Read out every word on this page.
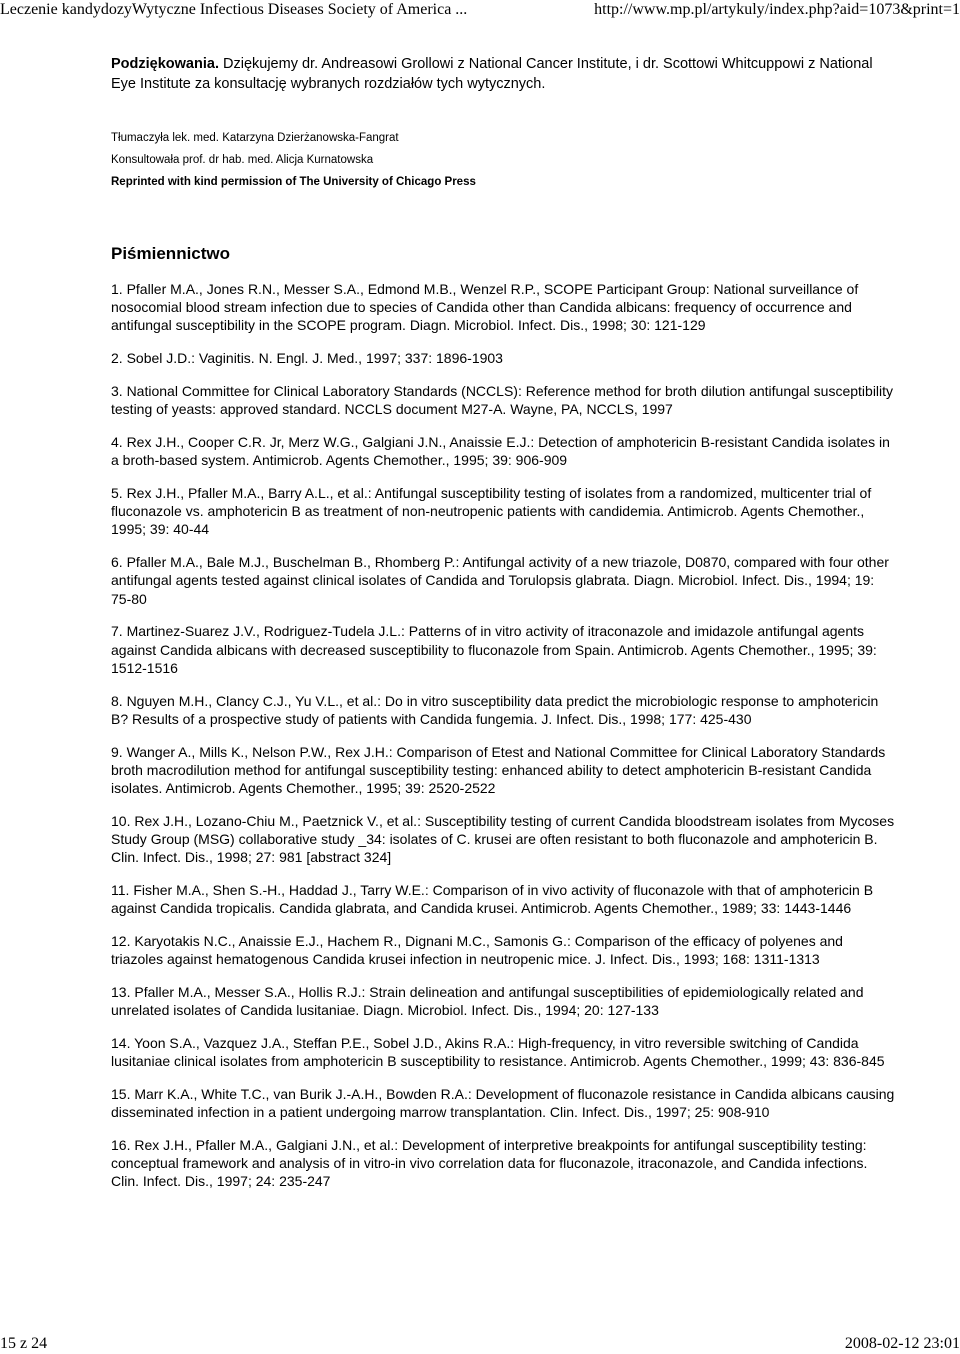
Leczenie kandydozyWytyczne Infectious Diseases Society of America ...	http://www.mp.pl/artykuly/index.php?aid=1073&print=1

Podziękowania. Dziękujemy dr. Andreasowi Grollowi z National Cancer Institute, i dr. Scottowi Whitcuppowi z National Eye Institute za konsultację wybranych rozdziałów tych wytycznych.

Tłumaczyła lek. med. Katarzyna Dzierżanowska-Fangrat
Konsultowała prof. dr hab. med. Alicja Kurnatowska
Reprinted with kind permission of The University of Chicago Press
Piśmiennictwo

1. Pfaller M.A., Jones R.N., Messer S.A., Edmond M.B., Wenzel R.P., SCOPE Participant Group: National surveillance of nosocomial blood stream infection due to species of Candida other than Candida albicans: frequency of occurrence and antifungal susceptibility in the SCOPE program. Diagn. Microbiol. Infect. Dis., 1998; 30: 121-129

2. Sobel J.D.: Vaginitis. N. Engl. J. Med., 1997; 337: 1896-1903

3. National Committee for Clinical Laboratory Standards (NCCLS): Reference method for broth dilution antifungal susceptibility testing of yeasts: approved standard. NCCLS document M27-A. Wayne, PA, NCCLS, 1997

4. Rex J.H., Cooper C.R. Jr, Merz W.G., Galgiani J.N., Anaissie E.J.: Detection of amphotericin B-resistant Candida isolates in a broth-based system. Antimicrob. Agents Chemother., 1995; 39: 906-909

5. Rex J.H., Pfaller M.A., Barry A.L., et al.: Antifungal susceptibility testing of isolates from a randomized, multicenter trial of fluconazole vs. amphotericin B as treatment of non-neutropenic patients with candidemia. Antimicrob. Agents Chemother., 1995; 39: 40-44

6. Pfaller M.A., Bale M.J., Buschelman B., Rhomberg P.: Antifungal activity of a new triazole, D0870, compared with four other antifungal agents tested against clinical isolates of Candida and Torulopsis glabrata. Diagn. Microbiol. Infect. Dis., 1994; 19: 75-80

7. Martinez-Suarez J.V., Rodriguez-Tudela J.L.: Patterns of in vitro activity of itraconazole and imidazole antifungal agents against Candida albicans with decreased susceptibility to fluconazole from Spain. Antimicrob. Agents Chemother., 1995; 39: 1512-1516

8. Nguyen M.H., Clancy C.J., Yu V.L., et al.: Do in vitro susceptibility data predict the microbiologic response to amphotericin B? Results of a prospective study of patients with Candida fungemia. J. Infect. Dis., 1998; 177: 425-430

9. Wanger A., Mills K., Nelson P.W., Rex J.H.: Comparison of Etest and National Committee for Clinical Laboratory Standards broth macrodilution method for antifungal susceptibility testing: enhanced ability to detect amphotericin B-resistant Candida isolates. Antimicrob. Agents Chemother., 1995; 39: 2520-2522

10. Rex J.H., Lozano-Chiu M., Paetznick V., et al.: Susceptibility testing of current Candida bloodstream isolates from Mycoses Study Group (MSG) collaborative study _34: isolates of C. krusei are often resistant to both fluconazole and amphotericin B. Clin. Infect. Dis., 1998; 27: 981 [abstract 324]

11. Fisher M.A., Shen S.-H., Haddad J., Tarry W.E.: Comparison of in vivo activity of fluconazole with that of amphotericin B against Candida tropicalis. Candida glabrata, and Candida krusei. Antimicrob. Agents Chemother., 1989; 33: 1443-1446

12. Karyotakis N.C., Anaissie E.J., Hachem R., Dignani M.C., Samonis G.: Comparison of the efficacy of polyenes and triazoles against hematogenous Candida krusei infection in neutropenic mice. J. Infect. Dis., 1993; 168: 1311-1313

13. Pfaller M.A., Messer S.A., Hollis R.J.: Strain delineation and antifungal susceptibilities of epidemiologically related and unrelated isolates of Candida lusitaniae. Diagn. Microbiol. Infect. Dis., 1994; 20: 127-133

14. Yoon S.A., Vazquez J.A., Steffan P.E., Sobel J.D., Akins R.A.: High-frequency, in vitro reversible switching of Candida lusitaniae clinical isolates from amphotericin B susceptibility to resistance. Antimicrob. Agents Chemother., 1999; 43: 836-845

15. Marr K.A., White T.C., van Burik J.-A.H., Bowden R.A.: Development of fluconazole resistance in Candida albicans causing disseminated infection in a patient undergoing marrow transplantation. Clin. Infect. Dis., 1997; 25: 908-910

16. Rex J.H., Pfaller M.A., Galgiani J.N., et al.: Development of interpretive breakpoints for antifungal susceptibility testing: conceptual framework and analysis of in vitro-in vivo correlation data for fluconazole, itraconazole, and Candida infections. Clin. Infect. Dis., 1997; 24: 235-247

15 z 24	2008-02-12 23:01
